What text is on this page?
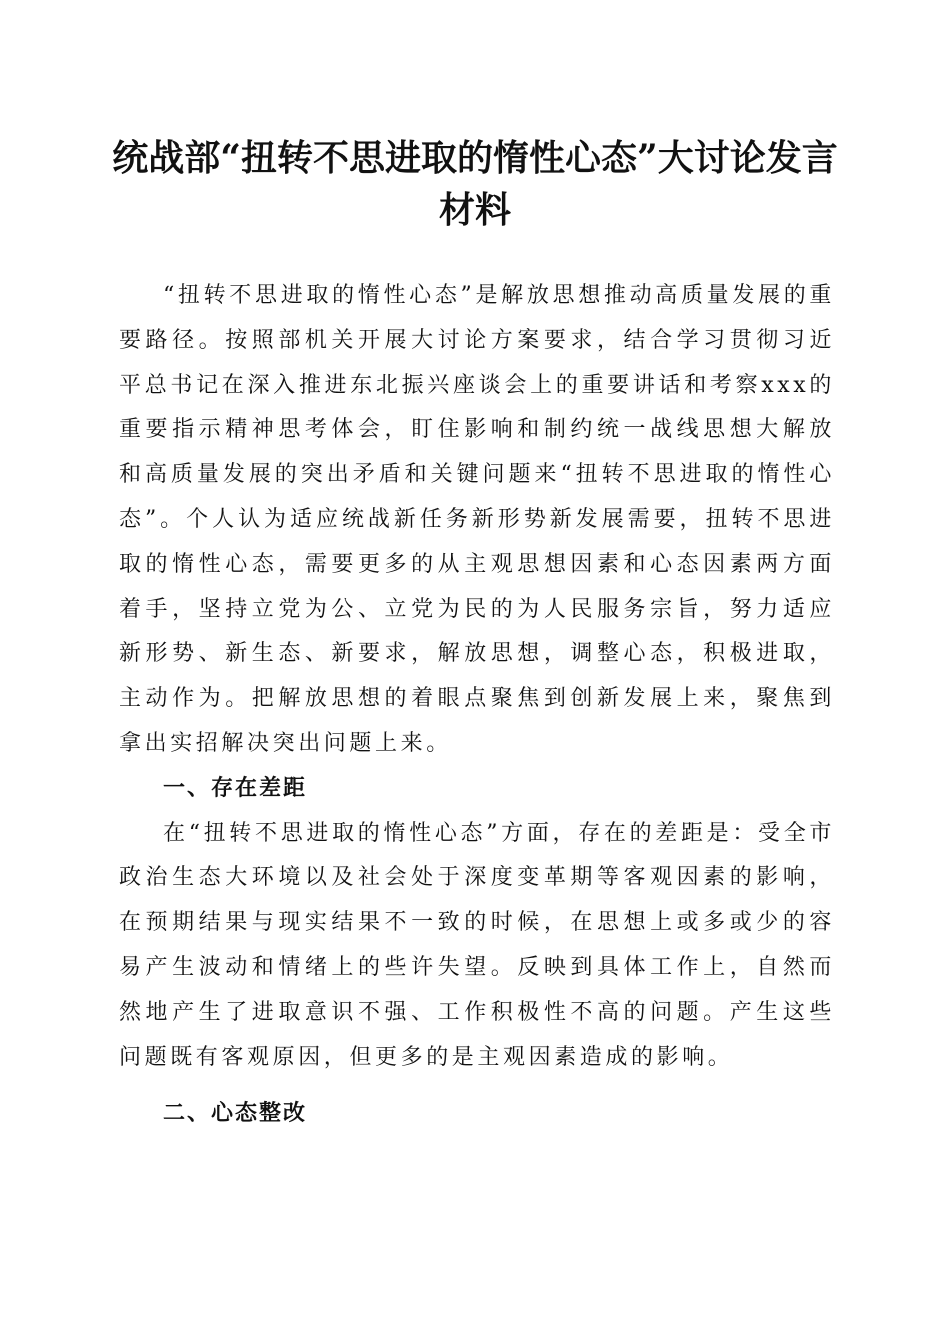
统战部“扭转不思进取的惰性心态”大讨论发言材料

“扭转不思进取的惰性心态”是解放思想推动高质量发展的重要路径。按照部机关开展大讨论方案要求，结合学习贯彻习近平总书记在深入推进东北振兴座谈会上的重要讲话和考察xxx的重要指示精神思考体会，盯住影响和制约统一战线思想大解放和高质量发展的突出矛盾和关键问题来“扭转不思进取的惰性心态”。个人认为适应统战新任务新形势新发展需要，扭转不思进取的惰性心态，需要更多的从主观思想因素和心态因素两方面着手，坚持立党为公、立党为民的为人民服务宗旨，努力适应新形势、新生态、新要求，解放思想，调整心态，积极进取，主动作为。把解放思想的着眼点聚焦到创新发展上来，聚焦到拿出实招解决突出问题上来。

一、存在差距

在“扭转不思进取的惰性心态”方面，存在的差距是：受全市政治生态大环境以及社会处于深度变革期等客观因素的影响，在预期结果与现实结果不一致的时候，在思想上或多或少的容易产生波动和情绪上的些许失望。反映到具体工作上，自然而然地产生了进取意识不强、工作积极性不高的问题。产生这些问题既有客观原因，但更多的是主观因素造成的影响。

二、心态整改
